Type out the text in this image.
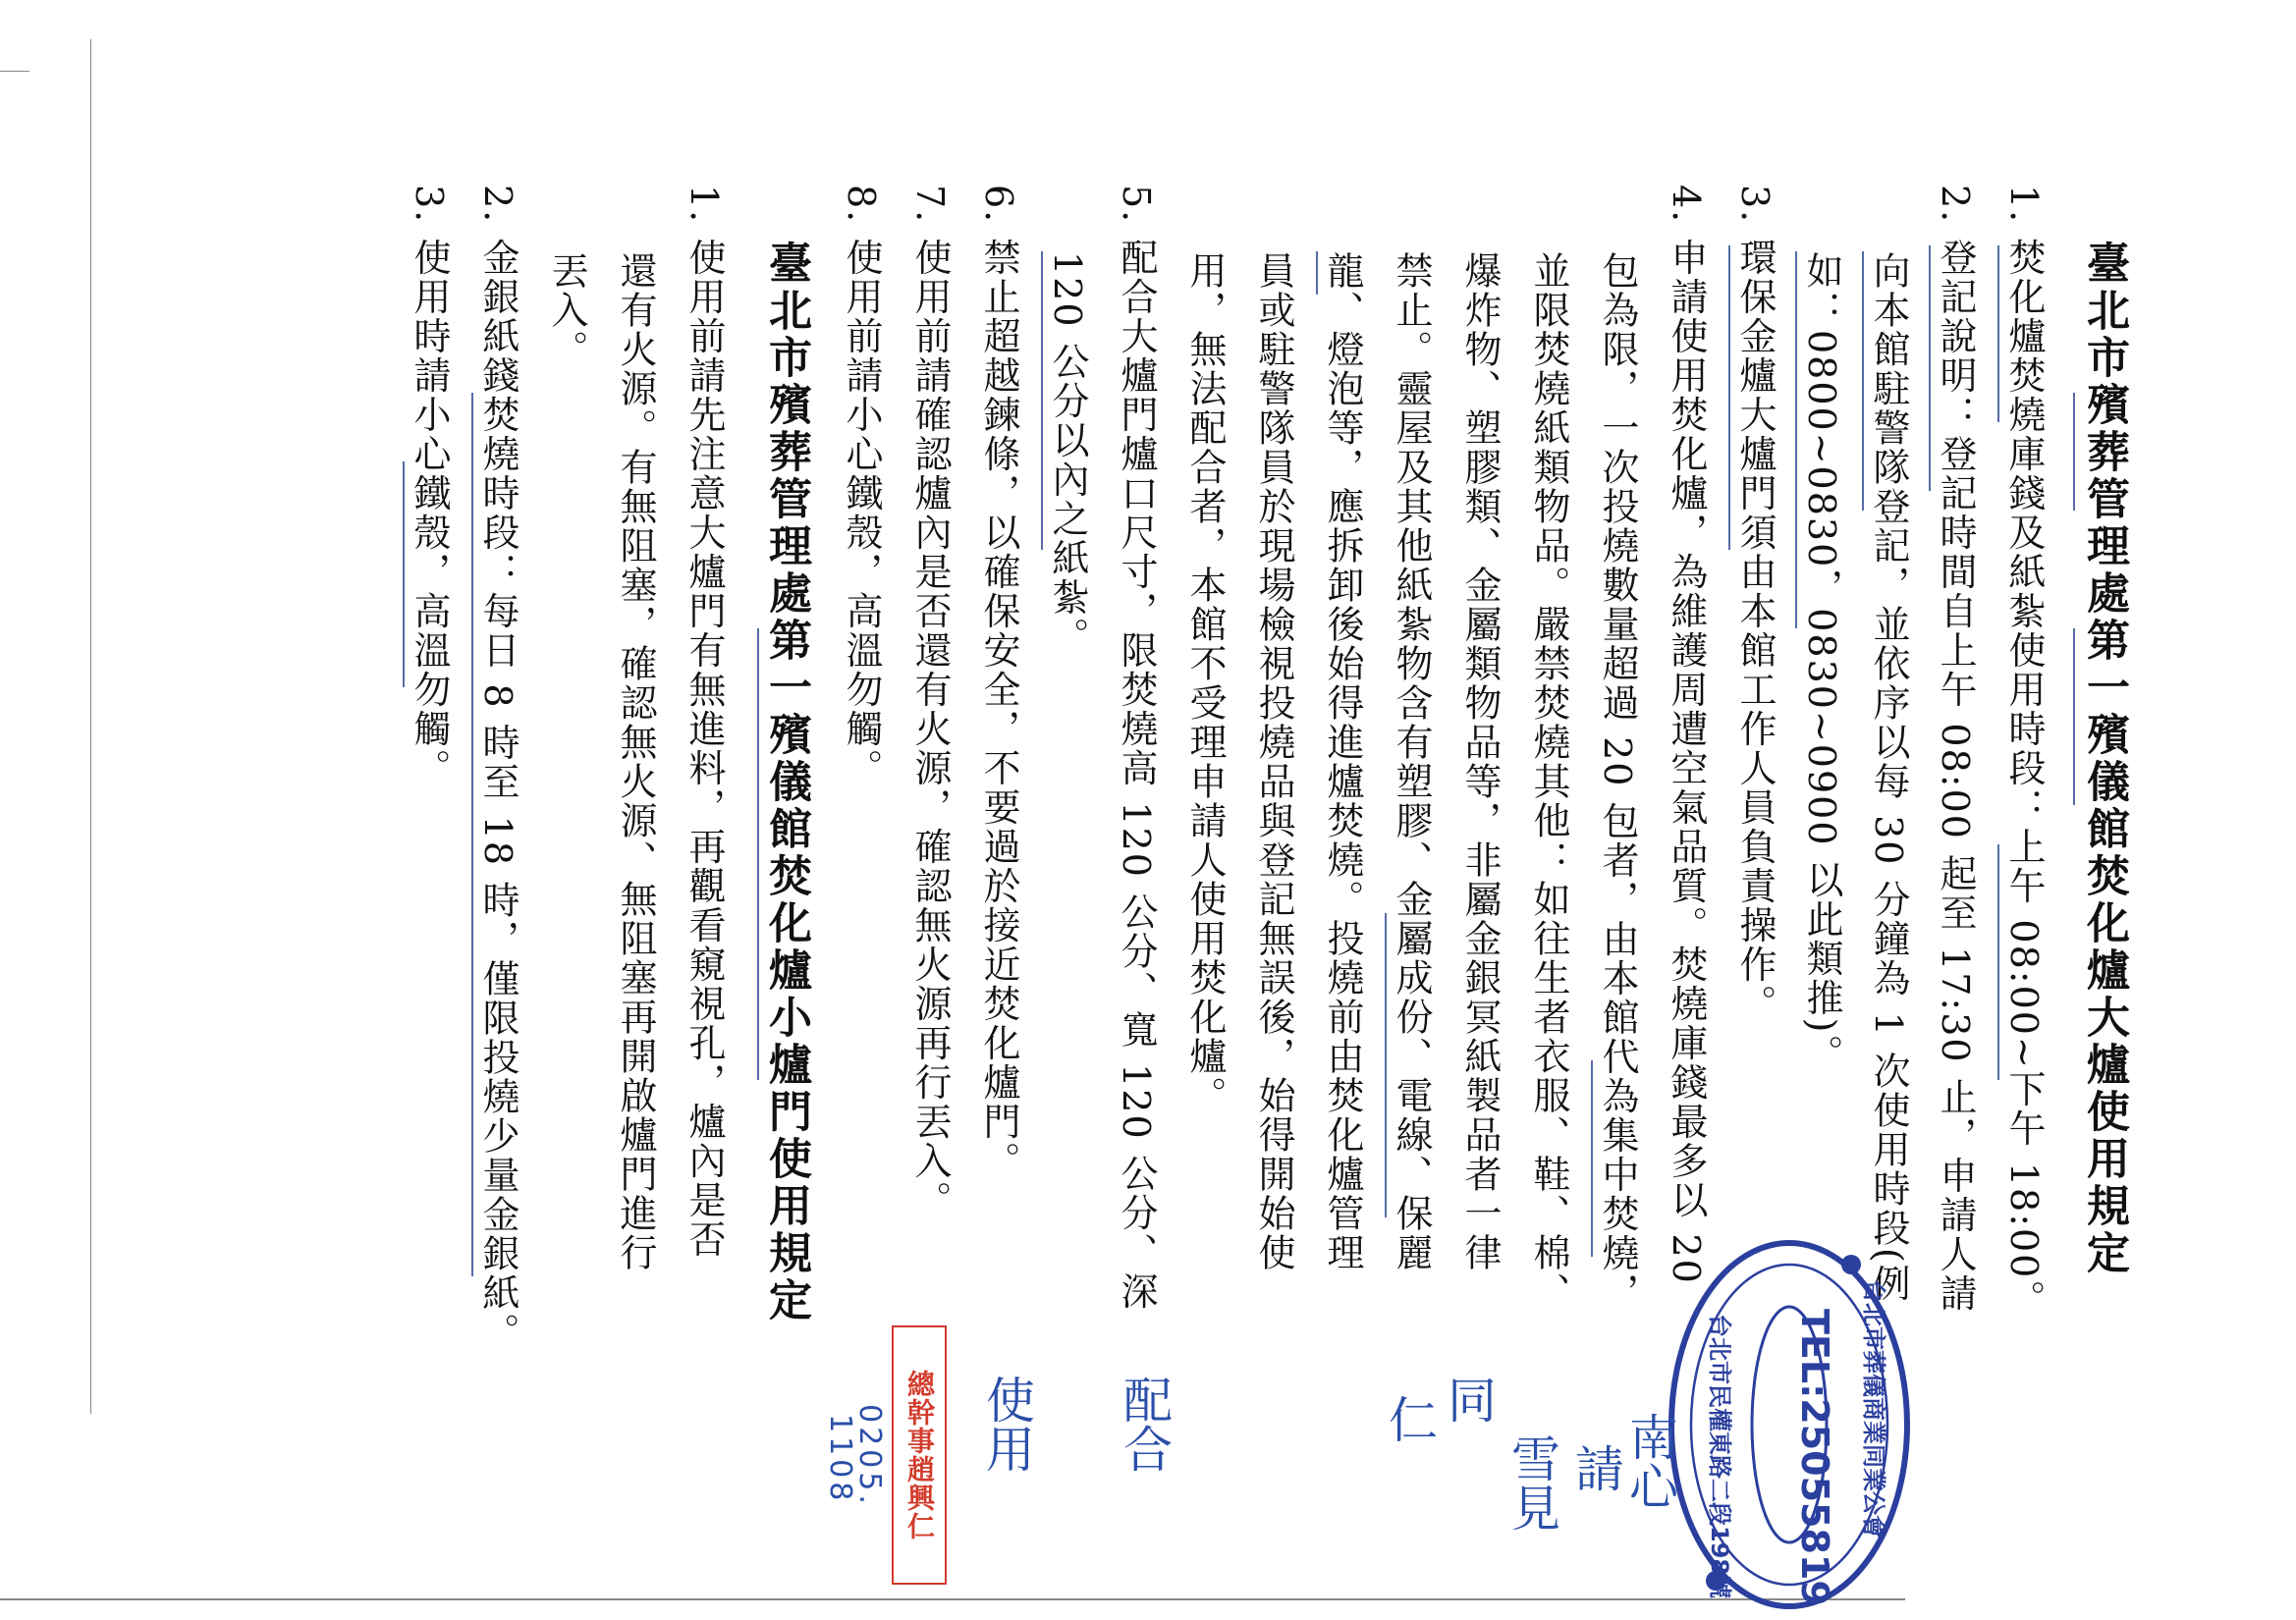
臺北市殯葬管理處第一殯儀館焚化爐大爐使用規定
1. 焚化爐焚燒庫錢及紙紮使用時段：上午 08:00~下午 18:00。
2. 登記說明：登記時間自上午 08:00 起至 17:30 止，申請人請
向本館駐警隊登記，並依序以每 30 分鐘為 1 次使用時段(例
如：0800~0830，0830~0900 以此類推)。
3. 環保金爐大爐門須由本館工作人員負責操作。
4. 申請使用焚化爐，為維護周遭空氣品質。焚燒庫錢最多以 20
包為限，一次投燒數量超過 20 包者，由本館代為集中焚燒，
並限焚燒紙類物品。嚴禁焚燒其他：如往生者衣服、鞋、棉、
爆炸物、塑膠類、金屬類物品等，非屬金銀冥紙製品者一律
禁止。靈屋及其他紙紮物含有塑膠、金屬成份、電線、保麗
龍、燈泡等，應拆卸後始得進爐焚燒。投燒前由焚化爐管理
員或駐警隊員於現場檢視投燒品與登記無誤後，始得開始使
用，無法配合者，本館不受理申請人使用焚化爐。
5. 配合大爐門爐口尺寸，限焚燒高 120 公分、寬 120 公分、深
120 公分以內之紙紮。
6. 禁止超越鍊條，以確保安全，不要過於接近焚化爐門。
7. 使用前請確認爐內是否還有火源，確認無火源再行丟入。
8. 使用前請小心鐵殼，高溫勿觸。
臺北市殯葬管理處第一殯儀館焚化爐小爐門使用規定
1. 使用前請先注意大爐門有無進料，再觀看窺視孔，爐內是否
還有火源。有無阻塞，確認無火源、無阻塞再開啟爐門進行
丟入。
2. 金銀紙錢焚燒時段：每日 8 時至 18 時，僅限投燒少量金銀紙。
3. 使用時請小心鐵殼，高溫勿觸。
總幹事趙興仁	TEL:25055819 台北市葬儀商業同業公會
台北市民權東路二段198號
南心
請
雪見
同
仁
配合
使用
0205.
1108
